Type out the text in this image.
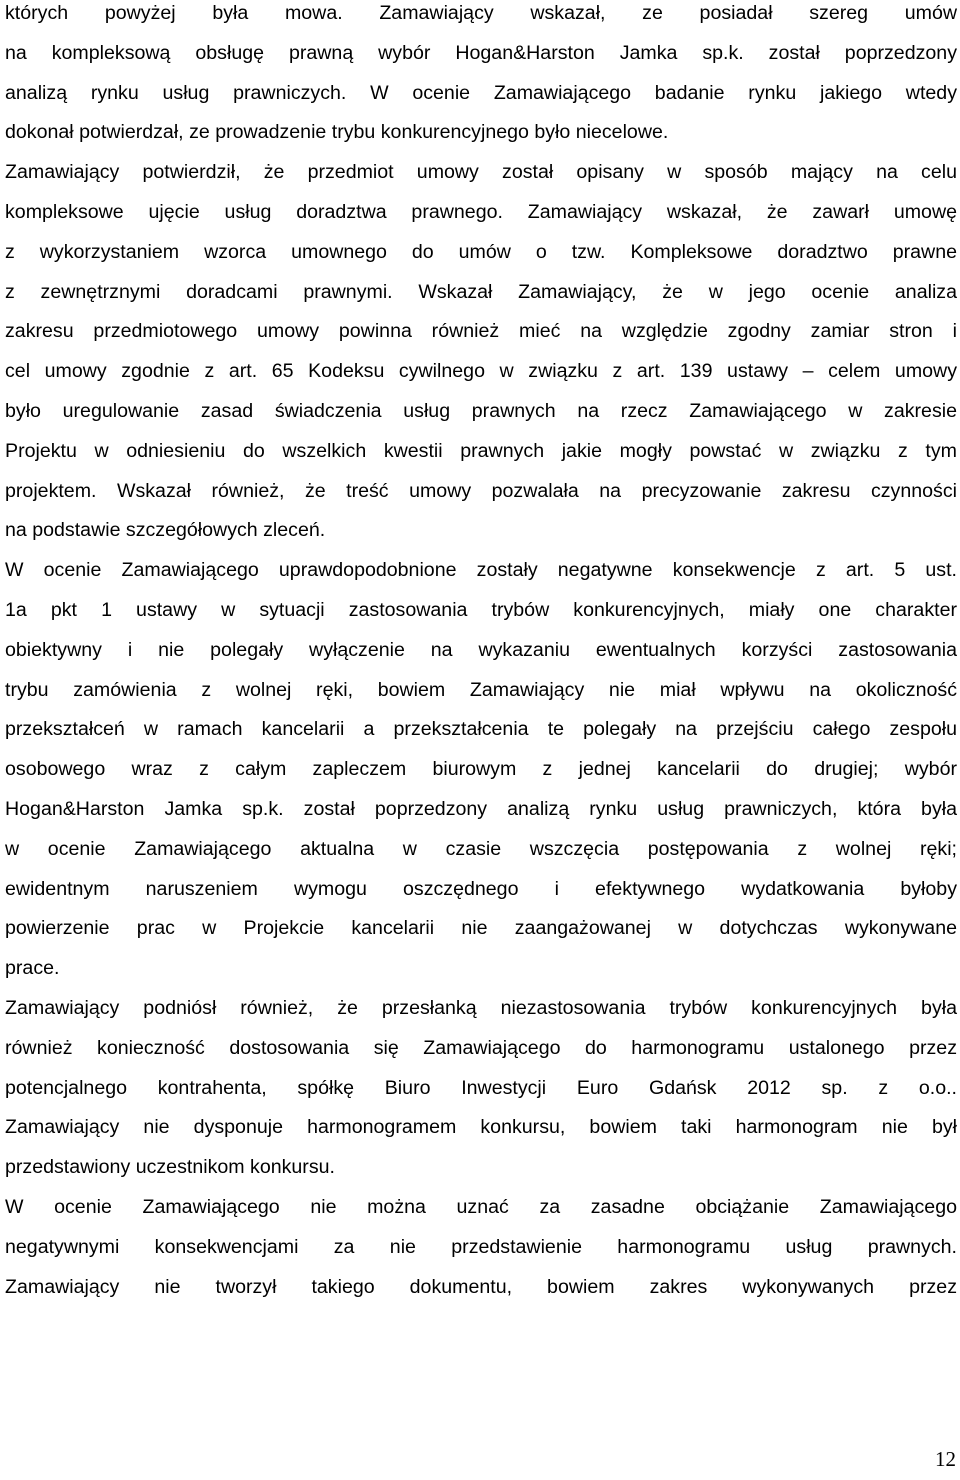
których powyżej była mowa. Zamawiający wskazał, ze posiadał szereg umów
na kompleksową obsługę prawną wybór Hogan&Harston Jamka sp.k. został poprzedzony
analizą rynku usług prawniczych. W ocenie Zamawiającego badanie rynku jakiego wtedy
dokonał potwierdzał, ze prowadzenie trybu konkurencyjnego było niecelowe.
Zamawiający potwierdził, że przedmiot umowy został opisany w sposób mający na celu
kompleksowe ujęcie usług doradztwa prawnego. Zamawiający wskazał, że zawarł umowę
z wykorzystaniem wzorca umownego do umów o tzw. Kompleksowe doradztwo prawne
z zewnętrznymi doradcami prawnymi. Wskazał Zamawiający, że w jego ocenie analiza
zakresu przedmiotowego umowy powinna również mieć na względzie zgodny zamiar stron i
cel umowy zgodnie z art. 65 Kodeksu cywilnego w związku z art. 139 ustawy – celem umowy
było uregulowanie zasad świadczenia usług prawnych na rzecz Zamawiającego w zakresie
Projektu w odniesieniu do wszelkich kwestii prawnych jakie mogły powstać w związku z tym
projektem. Wskazał również, że treść umowy pozwalała na precyzowanie zakresu czynności
na podstawie szczegółowych zleceń.

W ocenie Zamawiającego uprawdopodobnione zostały negatywne konsekwencje z art. 5 ust.
1a pkt 1 ustawy w sytuacji zastosowania trybów konkurencyjnych, miały one charakter
obiektywny i nie polegały wyłączenie na wykazaniu ewentualnych korzyści zastosowania
trybu zamówienia z wolnej ręki, bowiem Zamawiający nie miał wpływu na okoliczność
przekształceń w ramach kancelarii a przekształcenia te polegały na przejściu całego zespołu
osobowego wraz z całym zapleczem biurowym z jednej kancelarii do drugiej; wybór
Hogan&Harston Jamka sp.k. został poprzedzony analizą rynku usług prawniczych, która była
w ocenie Zamawiającego aktualna w czasie wszczęcia postępowania z wolnej ręki;
ewidentnym naruszeniem wymogu oszczędnego i efektywnego wydatkowania byłoby
powierzenie prac w Projekcie kancelarii nie zaangażowanej w dotychczas wykonywane
prace.

Zamawiający podniósł również, że przesłanką niezastosowania trybów konkurencyjnych była
również konieczność dostosowania się Zamawiającego do harmonogramu ustalonego przez
potencjalnego kontrahenta, spółkę Biuro Inwestycji Euro Gdańsk 2012 sp. z o.o..
Zamawiający nie dysponuje harmonogramem konkursu, bowiem taki harmonogram nie był
przedstawiony uczestnikom konkursu.

W ocenie Zamawiającego nie można uznać za zasadne obciążanie Zamawiającego
negatywnymi konsekwencjami za nie przedstawienie harmonogramu usług prawnych.
Zamawiający nie tworzył takiego dokumentu, bowiem zakres wykonywanych przez

12
